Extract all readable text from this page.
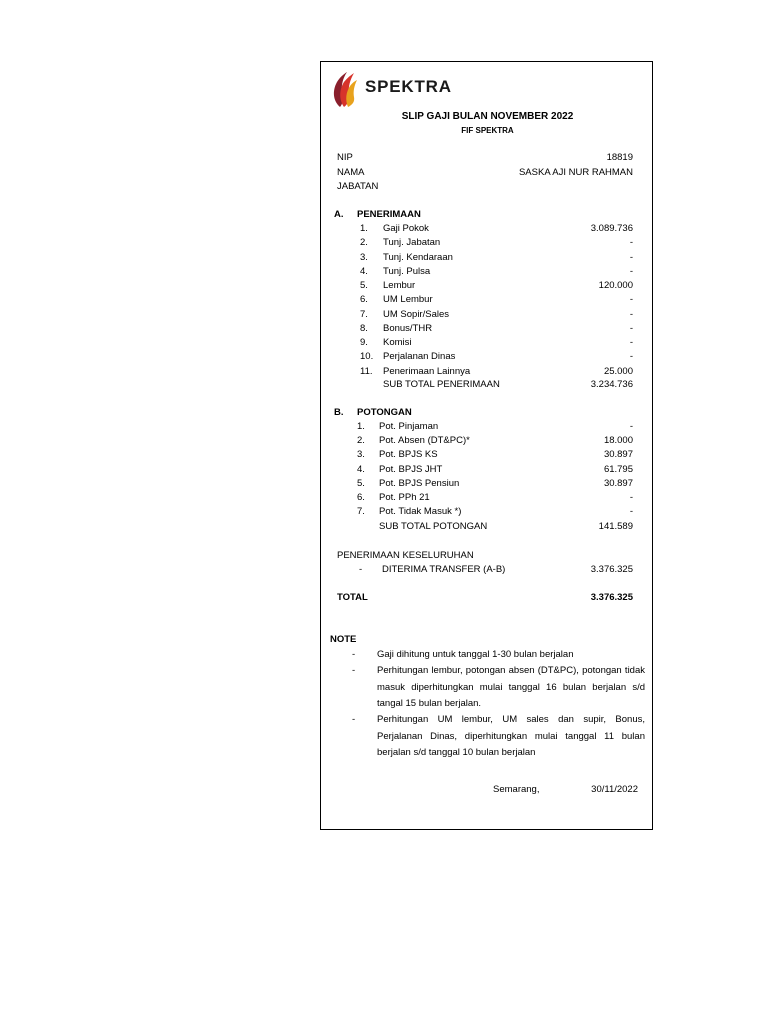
SPEKTRA
SLIP GAJI BULAN NOVEMBER 2022
FIF SPEKTRA
NIP	18819
NAMA	SASKA AJI NUR RAHMAN
JABATAN
A. PENERIMAAN
1. Gaji Pokok	3.089.736
2. Tunj. Jabatan	-
3. Tunj. Kendaraan	-
4. Tunj. Pulsa	-
5. Lembur	120.000
6. UM Lembur	-
7. UM Sopir/Sales	-
8. Bonus/THR	-
9. Komisi	-
10. Perjalanan Dinas	-
11. Penerimaan Lainnya	25.000
SUB TOTAL PENERIMAAN	3.234.736
B. POTONGAN
1. Pot. Pinjaman	-
2. Pot. Absen (DT&PC)*	18.000
3. Pot. BPJS KS	30.897
4. Pot. BPJS JHT	61.795
5. Pot. BPJS Pensiun	30.897
6. Pot. PPh 21	-
7. Pot. Tidak Masuk *)	-
SUB TOTAL POTONGAN	141.589
PENERIMAAN KESELURUHAN
- DITERIMA TRANSFER (A-B)	3.376.325
TOTAL	3.376.325
NOTE
- Gaji dihitung untuk tanggal 1-30 bulan berjalan
- Perhitungan lembur, potongan absen (DT&PC), potongan tidak masuk diperhitungkan mulai tanggal 16 bulan berjalan s/d tangal 15 bulan berjalan.
- Perhitungan UM lembur, UM sales dan supir, Bonus, Perjalanan Dinas, diperhitungkan mulai tanggal 11 bulan berjalan s/d tanggal 10 bulan berjalan
Semarang,	30/11/2022
